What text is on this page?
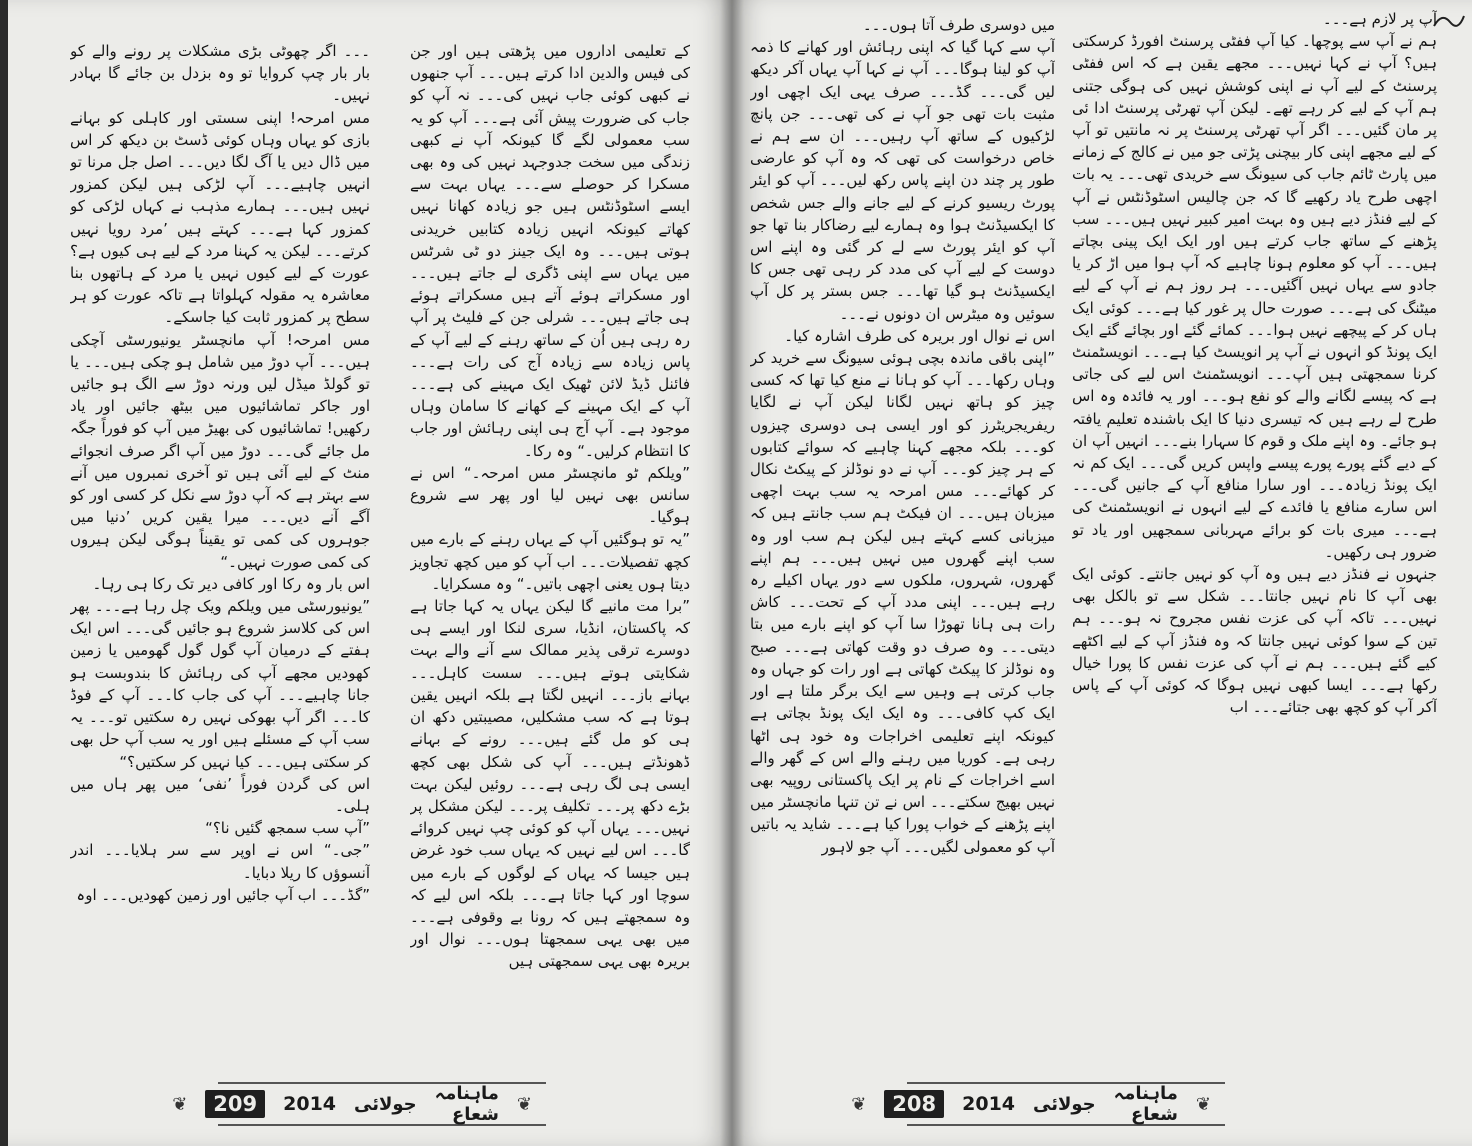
کے تعلیمی اداروں میں پڑھتی ہیں اور جن کی فیس والدین ادا کرتے ہیں۔۔۔ آپ جنھوں نے کبھی کوئی جاب نہیں کی۔۔۔ نہ آپ کو جاب کی ضرورت پیش آئی ہے۔۔۔ آپ کو یہ سب معمولی لگے گا کیونکہ آپ نے کبھی زندگی میں سخت جدوجہد نہیں کی وہ بھی مسکرا کر حوصلے سے۔۔۔ یہاں بہت سے ایسے اسٹوڈنٹس ہیں جو زیادہ کھانا نہیں کھاتے کیونکہ انہیں زیادہ کتابیں خریدنی ہوتی ہیں۔۔۔ وہ ایک جینز دو ٹی شرٹس میں یہاں سے اپنی ڈگری لے جاتے ہیں۔۔۔ اور مسکراتے ہوئے آتے ہیں مسکراتے ہوئے ہی جاتے ہیں۔۔۔ شرلی جن کے فلیٹ پر آپ رہ رہی ہیں اُن کے ساتھ رہنے کے لیے آپ کے پاس زیادہ سے زیادہ آج کی رات ہے۔۔۔ فائنل ڈیڈ لائن ٹھیک ایک مہینے کی ہے۔۔۔ آپ کے ایک مہینے کے کھانے کا سامان وہاں موجود ہے۔ آپ آج ہی اپنی رہائش اور جاب کا انتظام کرلیں۔“ وہ رکا۔

”ویلکم ٹو مانچسٹر مس امرحہ۔“ اس نے سانس بھی نہیں لیا اور پھر سے شروع ہوگیا۔

”یہ تو ہوگئیں آپ کے یہاں رہنے کے بارے میں کچھ تفصیلات۔۔۔ اب آپ کو میں کچھ تجاویز دیتا ہوں یعنی اچھی باتیں۔“ وہ مسکرایا۔

”برا مت مانیے گا لیکن یہاں یہ کہا جاتا ہے کہ پاکستان، انڈیا، سری لنکا اور ایسے ہی دوسرے ترقی پذیر ممالک سے آنے والے بہت شکایتی ہوتے ہیں۔۔۔ سست کاہل۔۔۔ بہانے باز۔۔۔ انہیں لگتا ہے بلکہ انہیں یقین ہوتا ہے کہ سب مشکلیں، مصیبتیں دکھ ان ہی کو مل گئے ہیں۔۔۔ رونے کے بہانے ڈھونڈتے ہیں۔۔۔ آپ کی شکل بھی کچھ ایسی ہی لگ رہی ہے۔۔۔ روئیں لیکن بہت بڑے دکھ پر۔۔۔ تکلیف پر۔۔۔ لیکن مشکل پر نہیں۔۔۔ یہاں آپ کو کوئی چپ نہیں کروائے گا۔۔۔ اس لیے نہیں کہ یہاں سب خود غرض ہیں جیسا کہ یہاں کے لوگوں کے بارے میں سوچا اور کہا جاتا ہے۔۔۔ بلکہ اس لیے کہ وہ سمجھتے ہیں کہ رونا بے وقوفی ہے۔۔۔ میں بھی یہی سمجھتا ہوں۔۔۔ نوال اور بریرہ بھی یہی سمجھتی ہیں

۔۔۔ اگر چھوٹی بڑی مشکلات پر رونے والے کو بار بار چپ کروایا تو وہ بزدل بن جائے گا بہادر نہیں۔

مس امرحہ! اپنی سستی اور کاہلی کو بہانے بازی کو یہاں وہاں کوئی ڈسٹ بن دیکھ کر اس میں ڈال دیں یا آگ لگا دیں۔۔۔ اصل جل مرنا تو انہیں چاہیے۔۔۔ آپ لڑکی ہیں لیکن کمزور نہیں ہیں۔۔۔ ہمارے مذہب نے کہاں لڑکی کو کمزور کہا ہے۔۔۔ کہتے ہیں ’مرد رویا نہیں کرتے۔۔۔ لیکن یہ کہنا مرد کے لیے ہی کیوں ہے؟ عورت کے لیے کیوں نہیں یا مرد کے ہاتھوں بنا معاشرہ یہ مقولہ کہلواتا ہے تاکہ عورت کو ہر سطح پر کمزور ثابت کیا جاسکے۔

مس امرحہ! آپ مانچسٹر یونیورسٹی آچکی ہیں۔۔۔ آپ دوڑ میں شامل ہو چکی ہیں۔۔۔ یا تو گولڈ میڈل لیں ورنہ دوڑ سے الگ ہو جائیں اور جاکر تماشائیوں میں بیٹھ جائیں اور یاد رکھیں! تماشائیوں کی بھیڑ میں آپ کو فوراً جگہ مل جائے گی۔۔۔ دوڑ میں آپ اگر صرف انجوائے منٹ کے لیے آئی ہیں تو آخری نمبروں میں آنے سے بہتر ہے کہ آپ دوڑ سے نکل کر کسی اور کو آگے آنے دیں۔۔۔ میرا یقین کریں ’دنیا میں جوہروں کی کمی تو یقیناً ہوگی لیکن ہیروں کی کمی صورت نہیں۔“

اس بار وہ رکا اور کافی دیر تک رکا ہی رہا۔

”یونیورسٹی میں ویلکم ویک چل رہا ہے۔۔۔ پھر اس کی کلاسز شروع ہو جائیں گی۔۔۔ اس ایک ہفتے کے درمیان آپ گول گول گھومیں یا زمین کھودیں مجھے آپ کی رہائش کا بندوبست ہو جانا چاہیے۔۔۔ آپ کی جاب کا۔۔۔ آپ کے فوڈ کا۔۔۔ اگر آپ بھوکی نہیں رہ سکتیں تو۔۔۔ یہ سب آپ کے مسئلے ہیں اور یہ سب آپ حل بھی کر سکتی ہیں۔۔۔ کیا نہیں کر سکتیں؟“

اس کی گردن فوراً ’نفی‘ میں پھر ہاں میں ہلی۔

”آپ سب سمجھ گئیں نا؟“

”جی۔“ اس نے اوپر سے سر ہلایا۔۔۔ اندر آنسوؤں کا ریلا دبایا۔

”گڈ۔۔۔ اب آپ جائیں اور زمین کھودیں۔۔۔ اوہ

❦
ماہنامہ شعاع
جولائی
2014
209
❦

آپ پر لازم ہے۔۔۔

ہم نے آپ سے پوچھا۔ کیا آپ ففٹی پرسنٹ افورڈ کرسکتی ہیں؟ آپ نے کہا نہیں۔۔۔ مجھے یقین ہے کہ اس ففٹی پرسنٹ کے لیے آپ نے اپنی کوشش نہیں کی ہوگی جتنی ہم آپ کے لیے کر رہے تھے۔ لیکن آپ تھرٹی پرسنٹ ادا ئی پر مان گئیں۔۔۔ اگر آپ تھرٹی پرسنٹ پر نہ مانتیں تو آپ کے لیے مجھے اپنی کار بیچنی پڑتی جو میں نے کالج کے زمانے میں پارٹ ٹائم جاب کی سیونگ سے خریدی تھی۔۔۔ یہ بات اچھی طرح یاد رکھیے گا کہ جن چالیس اسٹوڈنٹس نے آپ کے لیے فنڈز دیے ہیں وہ بہت امیر کبیر نہیں ہیں۔۔۔ سب پڑھنے کے ساتھ جاب کرتے ہیں اور ایک ایک پینی بچاتے ہیں۔۔۔ آپ کو معلوم ہونا چاہیے کہ آپ ہوا میں اڑ کر یا جادو سے یہاں نہیں آگئیں۔۔۔ ہر روز ہم نے آپ کے لیے میٹنگ کی ہے۔۔۔ صورت حال پر غور کیا ہے۔۔۔ کوئی ایک ہاں کر کے پیچھے نہیں ہوا۔۔۔ کمائے گئے اور بچائے گئے ایک ایک پونڈ کو انہوں نے آپ پر انویسٹ کیا ہے۔۔۔ انویسٹمنٹ کرنا سمجھتی ہیں آپ۔۔۔ انویسٹمنٹ اس لیے کی جاتی ہے کہ پیسے لگانے والے کو نفع ہو۔۔۔ اور یہ فائدہ وہ اس طرح لے رہے ہیں کہ تیسری دنیا کا ایک باشندہ تعلیم یافتہ ہو جائے۔ وہ اپنے ملک و قوم کا سہارا بنے۔۔۔ انہیں آپ ان کے دیے گئے پورے پورے پیسے واپس کریں گی۔۔۔ ایک کم نہ ایک پونڈ زیادہ۔۔۔ اور سارا منافع آپ کے جانیں گی۔۔۔ اس سارے منافع یا فائدے کے لیے انہوں نے انویسٹمنٹ کی ہے۔۔۔ میری بات کو برائے مہربانی سمجھیں اور یاد تو ضرور ہی رکھیں۔

جنہوں نے فنڈز دیے ہیں وہ آپ کو نہیں جانتے۔ کوئی ایک بھی آپ کا نام نہیں جانتا۔۔۔ شکل سے تو بالکل بھی نہیں۔۔۔ تاکہ آپ کی عزت نفس مجروح نہ ہو۔۔۔ ہم تین کے سوا کوئی نہیں جانتا کہ وہ فنڈز آپ کے لیے اکٹھے کیے گئے ہیں۔۔۔ ہم نے آپ کی عزت نفس کا پورا خیال رکھا ہے۔۔۔ ایسا کبھی نہیں ہوگا کہ کوئی آپ کے پاس آکر آپ کو کچھ بھی جتائے۔۔۔ اب

میں دوسری طرف آتا ہوں۔۔۔

آپ سے کہا گیا کہ اپنی رہائش اور کھانے کا ذمہ آپ کو لینا ہوگا۔۔۔ آپ نے کہا آپ یہاں آکر دیکھ لیں گی۔۔۔ گڈ۔۔۔ صرف یہی ایک اچھی اور مثبت بات تھی جو آپ نے کی تھی۔۔۔ جن پانچ لڑکیوں کے ساتھ آپ رہیں۔۔۔ ان سے ہم نے خاص درخواست کی تھی کہ وہ آپ کو عارضی طور پر چند دن اپنے پاس رکھ لیں۔۔۔ آپ کو ایئر پورٹ ریسیو کرنے کے لیے جانے والے جس شخص کا ایکسیڈنٹ ہوا وہ ہمارے لیے رضاکار بنا تھا جو آپ کو ایئر پورٹ سے لے کر گئی وہ اپنے اس دوست کے لیے آپ کی مدد کر رہی تھی جس کا ایکسیڈنٹ ہو گیا تھا۔۔۔ جس بستر پر کل آپ سوئیں وہ میٹرس ان دونوں نے۔۔۔

اس نے نوال اور بریرہ کی طرف اشارہ کیا۔

”اپنی باقی ماندہ بچی ہوئی سیونگ سے خرید کر وہاں رکھا۔۔۔ آپ کو ہانا نے منع کیا تھا کہ کسی چیز کو ہاتھ نہیں لگانا لیکن آپ نے لگایا ریفریجریٹرز کو اور ایسی ہی دوسری چیزوں کو۔۔۔ بلکہ مجھے کہنا چاہیے کہ سوائے کتابوں کے ہر چیز کو۔۔۔ آپ نے دو نوڈلز کے پیکٹ نکال کر کھائے۔۔۔ مس امرحہ یہ سب بہت اچھی میزبان ہیں۔۔۔ ان فیکٹ ہم سب جانتے ہیں کہ میزبانی کسے کہتے ہیں لیکن ہم سب اور وہ سب اپنے گھروں میں نہیں ہیں۔۔۔ ہم اپنے گھروں، شہروں، ملکوں سے دور یہاں اکیلے رہ رہے ہیں۔۔۔ اپنی مدد آپ کے تحت۔۔۔ کاش رات ہی ہانا تھوڑا سا آپ کو اپنے بارے میں بتا دیتی۔۔۔ وہ صرف دو وقت کھاتی ہے۔۔۔ صبح وہ نوڈلز کا پیکٹ کھاتی ہے اور رات کو جہاں وہ جاب کرتی ہے وہیں سے ایک برگر ملتا ہے اور ایک کپ کافی۔۔۔ وہ ایک ایک پونڈ بچاتی ہے کیونکہ اپنے تعلیمی اخراجات وہ خود ہی اٹھا رہی ہے۔ کوریا میں رہنے والے اس کے گھر والے اسے اخراجات کے نام پر ایک پاکستانی روپیہ بھی نہیں بھیج سکتے۔۔۔ اس نے تن تنہا مانچسٹر میں اپنے پڑھنے کے خواب پورا کیا ہے۔۔۔ شاید یہ باتیں آپ کو معمولی لگیں۔۔۔ آپ جو لاہور

❦
ماہنامہ شعاع
جولائی
2014
208
❦
